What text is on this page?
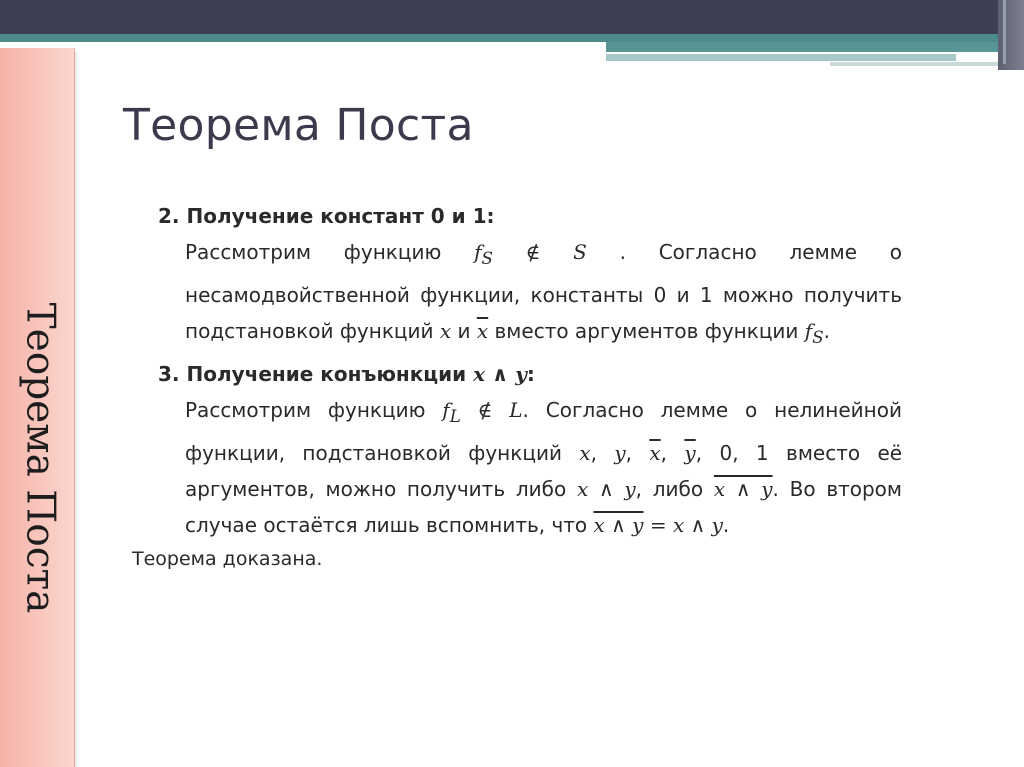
Теорема Поста
Теорема Поста

2. Получение констант 0 и 1:

Рассмотрим функцию $f_S$ ∉ S . Согласно лемме о несамодвойственной функции, константы 0 и 1 можно получить подстановкой функций x и $\overline{x}$ вместо аргументов функции $f_S$.

3. Получение конъюнкции x ∧ y:

Рассмотрим функцию $f_L$ ∉ L. Согласно лемме о нелинейной функции, подстановкой функций x, y, $\overline{x}$, $\overline{y}$, 0, 1 вместо её аргументов, можно получить либо x ∧ y, либо x ∧ y. Во втором случае остаётся лишь вспомнить, что x ∧ y = x ∧ y.

Теорема доказана.
